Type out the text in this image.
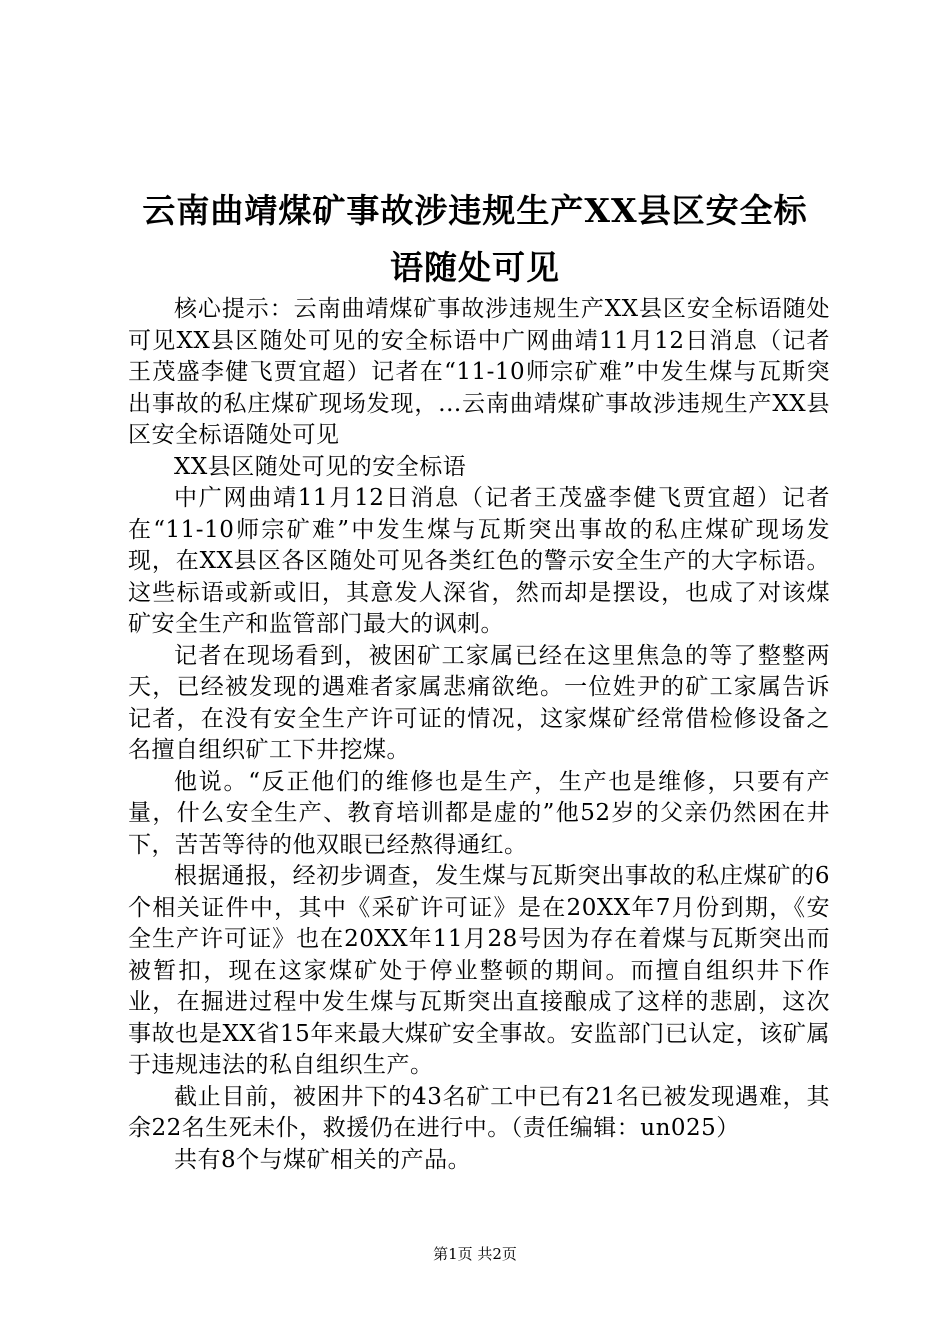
云南曲靖煤矿事故涉违规生产XX县区安全标
语随处可见

核心提示：云南曲靖煤矿事故涉违规生产XX县区安全标语随处可见XX县区随处可见的安全标语中广网曲靖11月12日消息（记者王茂盛李健飞贾宜超）记者在“11-10师宗矿难”中发生煤与瓦斯突出事故的私庄煤矿现场发现，...云南曲靖煤矿事故涉违规生产XX县区安全标语随处可见

XX县区随处可见的安全标语

中广网曲靖11月12日消息（记者王茂盛李健飞贾宜超）记者在“11-10师宗矿难”中发生煤与瓦斯突出事故的私庄煤矿现场发现，在XX县区各区随处可见各类红色的警示安全生产的大字标语。这些标语或新或旧，其意发人深省，然而却是摆设，也成了对该煤矿安全生产和监管部门最大的讽刺。

记者在现场看到，被困矿工家属已经在这里焦急的等了整整两天，已经被发现的遇难者家属悲痛欲绝。一位姓尹的矿工家属告诉记者，在没有安全生产许可证的情况，这家煤矿经常借检修设备之名擅自组织矿工下井挖煤。

他说。“反正他们的维修也是生产，生产也是维修，只要有产量，什么安全生产、教育培训都是虚的”他52岁的父亲仍然困在井下，苦苦等待的他双眼已经熬得通红。

根据通报，经初步调查，发生煤与瓦斯突出事故的私庄煤矿的6个相关证件中，其中《采矿许可证》是在20XX年7月份到期，《安全生产许可证》也在20XX年11月28号因为存在着煤与瓦斯突出而被暂扣，现在这家煤矿处于停业整顿的期间。而擅自组织井下作业，在掘进过程中发生煤与瓦斯突出直接酿成了这样的悲剧，这次事故也是XX省15年来最大煤矿安全事故。安监部门已认定，该矿属于违规违法的私自组织生产。

截止目前，被困井下的43名矿工中已有21名已被发现遇难，其余22名生死未仆，救援仍在进行中。（责任编辑：un025）

共有8个与煤矿相关的产品。

第1页 共2页
